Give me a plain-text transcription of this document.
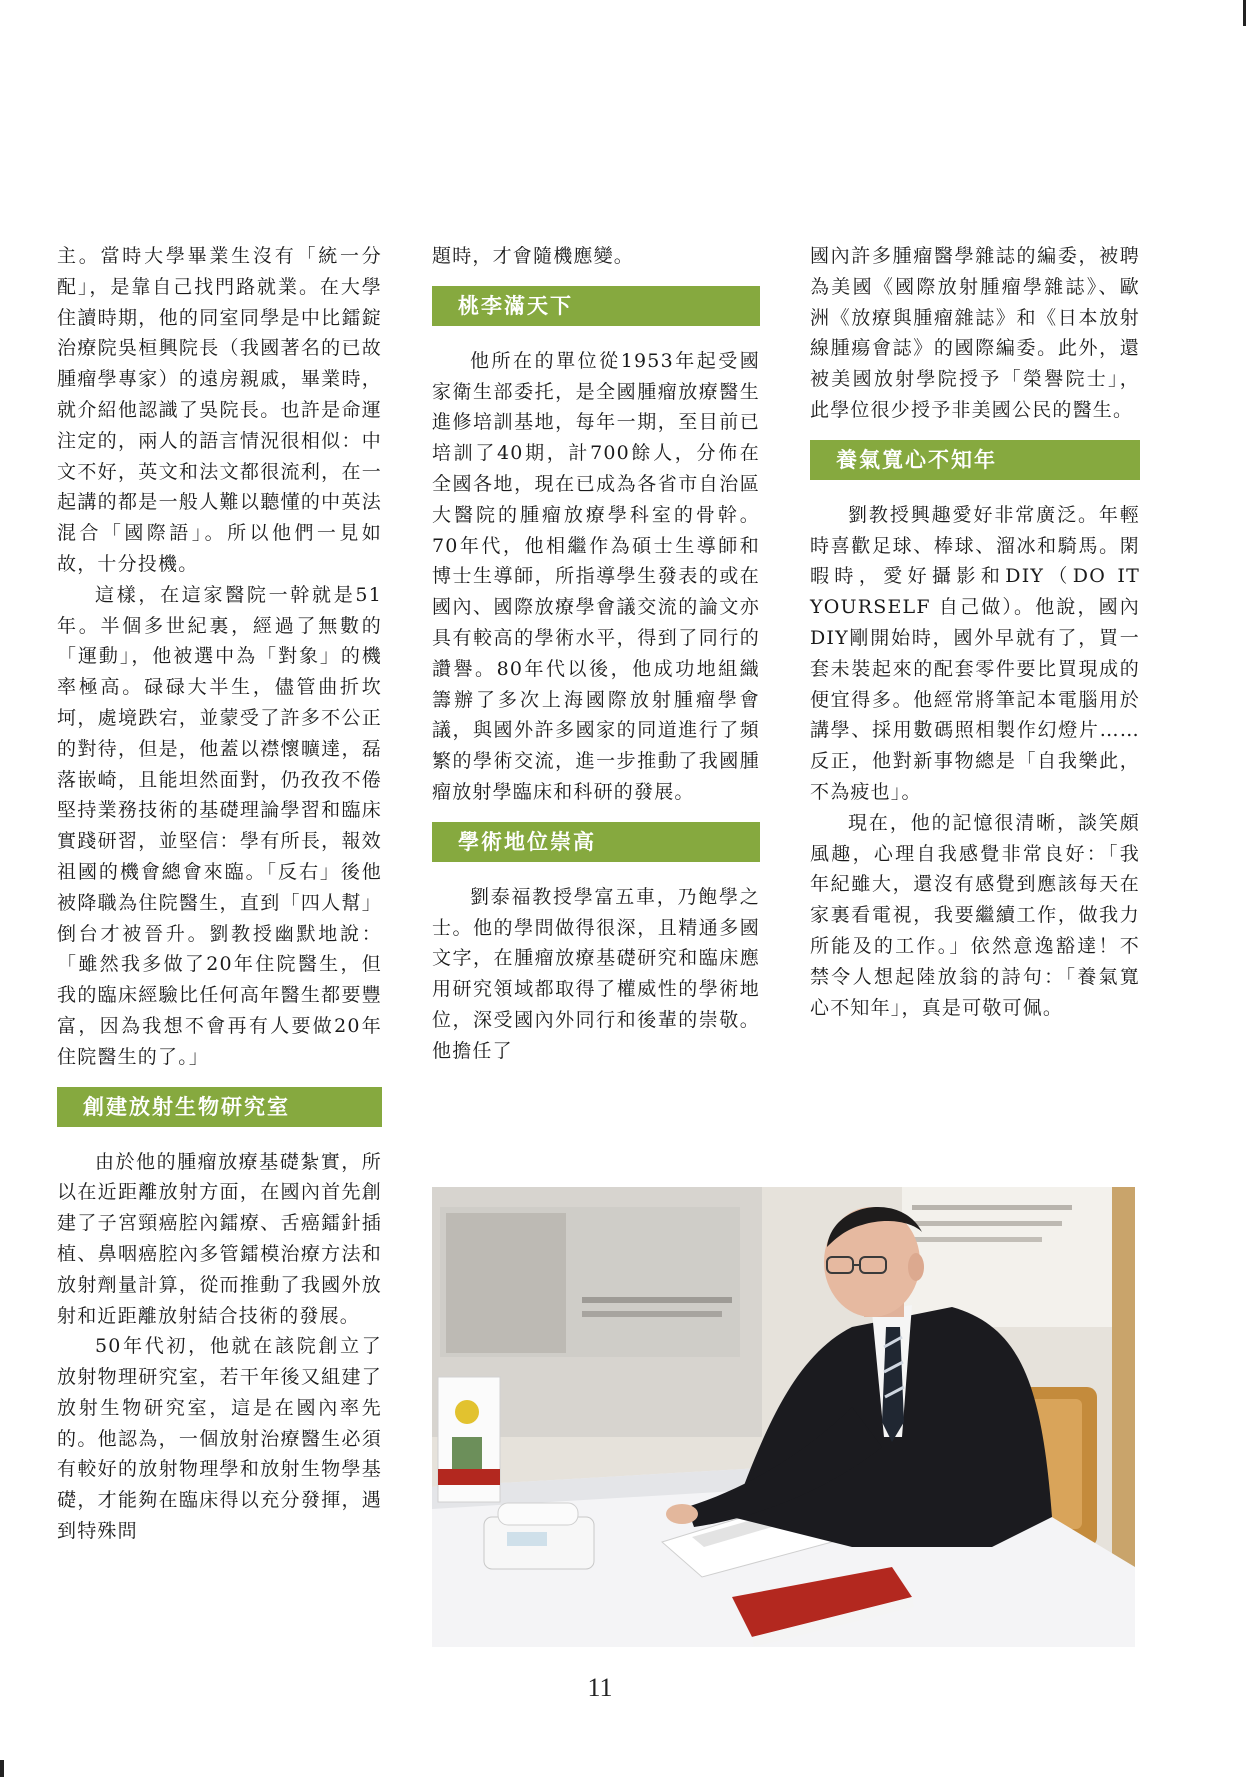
主。當時大學畢業生沒有「統一分配」，是靠自己找門路就業。在大學住讀時期，他的同室同學是中比鐳錠治療院吳桓興院長（我國著名的已故腫瘤學專家）的遠房親戚，畢業時，就介紹他認識了吳院長。也許是命運注定的，兩人的語言情況很相似：中文不好，英文和法文都很流利，在一起講的都是一般人難以聽懂的中英法混合「國際語」。所以他們一見如故，十分投機。

這樣，在這家醫院一幹就是51年。半個多世紀裏，經過了無數的「運動」，他被選中為「對象」的機率極高。碌碌大半生，儘管曲折坎坷，處境跌宕，並蒙受了許多不公正的對待，但是，他蓋以襟懷曠達，磊落嵌崎，且能坦然面對，仍孜孜不倦堅持業務技術的基礎理論學習和臨床實踐研習，並堅信：學有所長，報效祖國的機會總會來臨。「反右」後他被降職為住院醫生，直到「四人幫」倒台才被晉升。劉教授幽默地說：「雖然我多做了20年住院醫生，但我的臨床經驗比任何高年醫生都要豐富，因為我想不會再有人要做20年住院醫生的了。」

創建放射生物研究室

由於他的腫瘤放療基礎紮實，所以在近距離放射方面，在國內首先創建了子宮頸癌腔內鐳療、舌癌鐳針插植、鼻咽癌腔內多管鐳模治療方法和放射劑量計算，從而推動了我國外放射和近距離放射結合技術的發展。

50年代初，他就在該院創立了放射物理研究室，若干年後又組建了放射生物研究室，這是在國內率先的。他認為，一個放射治療醫生必須有較好的放射物理學和放射生物學基礎，才能夠在臨床得以充分發揮，遇到特殊問

題時，才會隨機應變。

桃李滿天下

他所在的單位從1953年起受國家衛生部委托，是全國腫瘤放療醫生進修培訓基地，每年一期，至目前已培訓了40期，計700餘人，分佈在全國各地，現在已成為各省市自治區大醫院的腫瘤放療學科室的骨幹。70年代，他相繼作為碩士生導師和博士生導師，所指導學生發表的或在國內、國際放療學會議交流的論文亦具有較高的學術水平，得到了同行的讚譽。80年代以後，他成功地組織籌辦了多次上海國際放射腫瘤學會議，與國外許多國家的同道進行了頻繁的學術交流，進一步推動了我國腫瘤放射學臨床和科研的發展。

學術地位崇高

劉泰福教授學富五車，乃飽學之士。他的學問做得很深，且精通多國文字，在腫瘤放療基礎研究和臨床應用研究領域都取得了權威性的學術地位，深受國內外同行和後輩的崇敬。他擔任了

國內許多腫瘤醫學雜誌的編委，被聘為美國《國際放射腫瘤學雜誌》、歐洲《放療與腫瘤雜誌》和《日本放射線腫瘍會誌》的國際編委。此外，還被美國放射學院授予「榮譽院士」，此學位很少授予非美國公民的醫生。

養氣寬心不知年

劉教授興趣愛好非常廣泛。年輕時喜歡足球、棒球、溜冰和騎馬。閑暇時，愛好攝影和DIY（DO IT YOURSELF 自己做）。他說，國內DIY剛開始時，國外早就有了，買一套未裝起來的配套零件要比買現成的便宜得多。他經常將筆記本電腦用於講學、採用數碼照相製作幻燈片……反正，他對新事物總是「自我樂此，不為疲也」。

現在，他的記憶很清晰，談笑頗風趣，心理自我感覺非常良好：「我年紀雖大，還沒有感覺到應該每天在家裏看電視，我要繼續工作，做我力所能及的工作。」依然意逸豁達！不禁令人想起陸放翁的詩句：「養氣寬心不知年」，真是可敬可佩。

11
